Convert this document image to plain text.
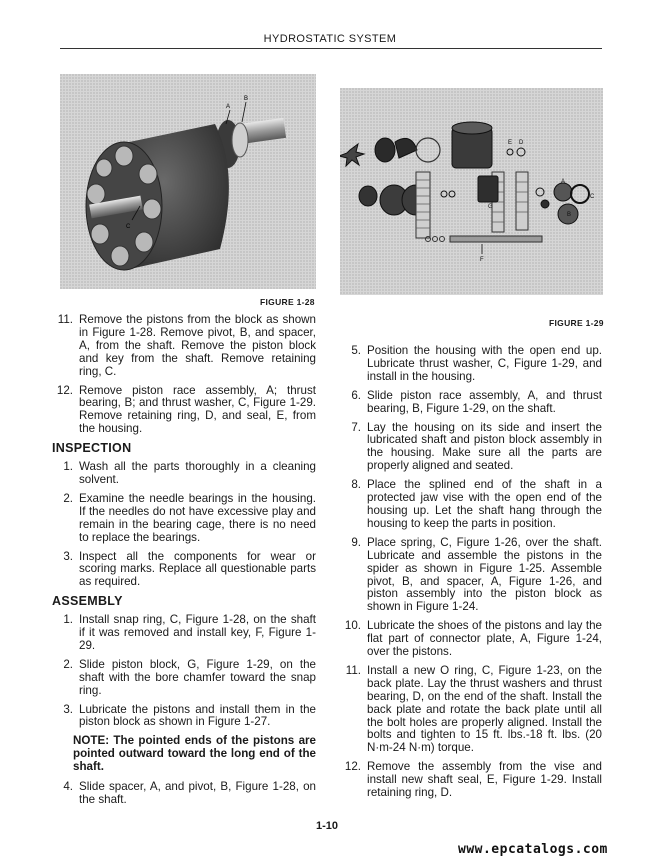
HYDROSTATIC SYSTEM
A
B
C
FIGURE 1-28
E D
G
A
C
B
F
FIGURE 1-29
11. Remove the pistons from the block as shown in Figure 1-28. Remove pivot, B, and spacer, A, from the shaft. Remove the piston block and key from the shaft. Remove retaining ring, C.
12. Remove piston race assembly, A; thrust bearing, B; and thrust washer, C, Figure 1-29. Remove retaining ring, D, and seal, E, from the housing.
INSPECTION
1. Wash all the parts thoroughly in a cleaning solvent.
2. Examine the needle bearings in the housing. If the needles do not have excessive play and remain in the bearing cage, there is no need to replace the bearings.
3. Inspect all the components for wear or scoring marks. Replace all questionable parts as required.
ASSEMBLY
1. Install snap ring, C, Figure 1-28, on the shaft if it was removed and install key, F, Figure 1-29.
2. Slide piston block, G, Figure 1-29, on the shaft with the bore chamfer toward the snap ring.
3. Lubricate the pistons and install them in the piston block as shown in Figure 1-27.
NOTE: The pointed ends of the pistons are pointed outward toward the long end of the shaft.
4. Slide spacer, A, and pivot, B, Figure 1-28, on the shaft.
5. Position the housing with the open end up. Lubricate thrust washer, C, Figure 1-29, and install in the housing.
6. Slide piston race assembly, A, and thrust bearing, B, Figure 1-29, on the shaft.
7. Lay the housing on its side and insert the lubricated shaft and piston block assembly in the housing. Make sure all the parts are properly aligned and seated.
8. Place the splined end of the shaft in a protected jaw vise with the open end of the housing up. Let the shaft hang through the housing to keep the parts in position.
9. Place spring, C, Figure 1-26, over the shaft. Lubricate and assemble the pistons in the spider as shown in Figure 1-25. Assemble pivot, B, and spacer, A, Figure 1-26, and piston assembly into the piston block as shown in Figure 1-24.
10. Lubricate the shoes of the pistons and lay the flat part of connector plate, A, Figure 1-24, over the pistons.
11. Install a new O ring, C, Figure 1-23, on the back plate. Lay the thrust washers and thrust bearing, D, on the end of the shaft. Install the back plate and rotate the back plate until all the bolt holes are properly aligned. Install the bolts and tighten to 15 ft. lbs.-18 ft. lbs. (20 N·m-24 N·m) torque.
12. Remove the assembly from the vise and install new shaft seal, E, Figure 1-29. Install retaining ring, D.
1-10
www.epcatalogs.com
